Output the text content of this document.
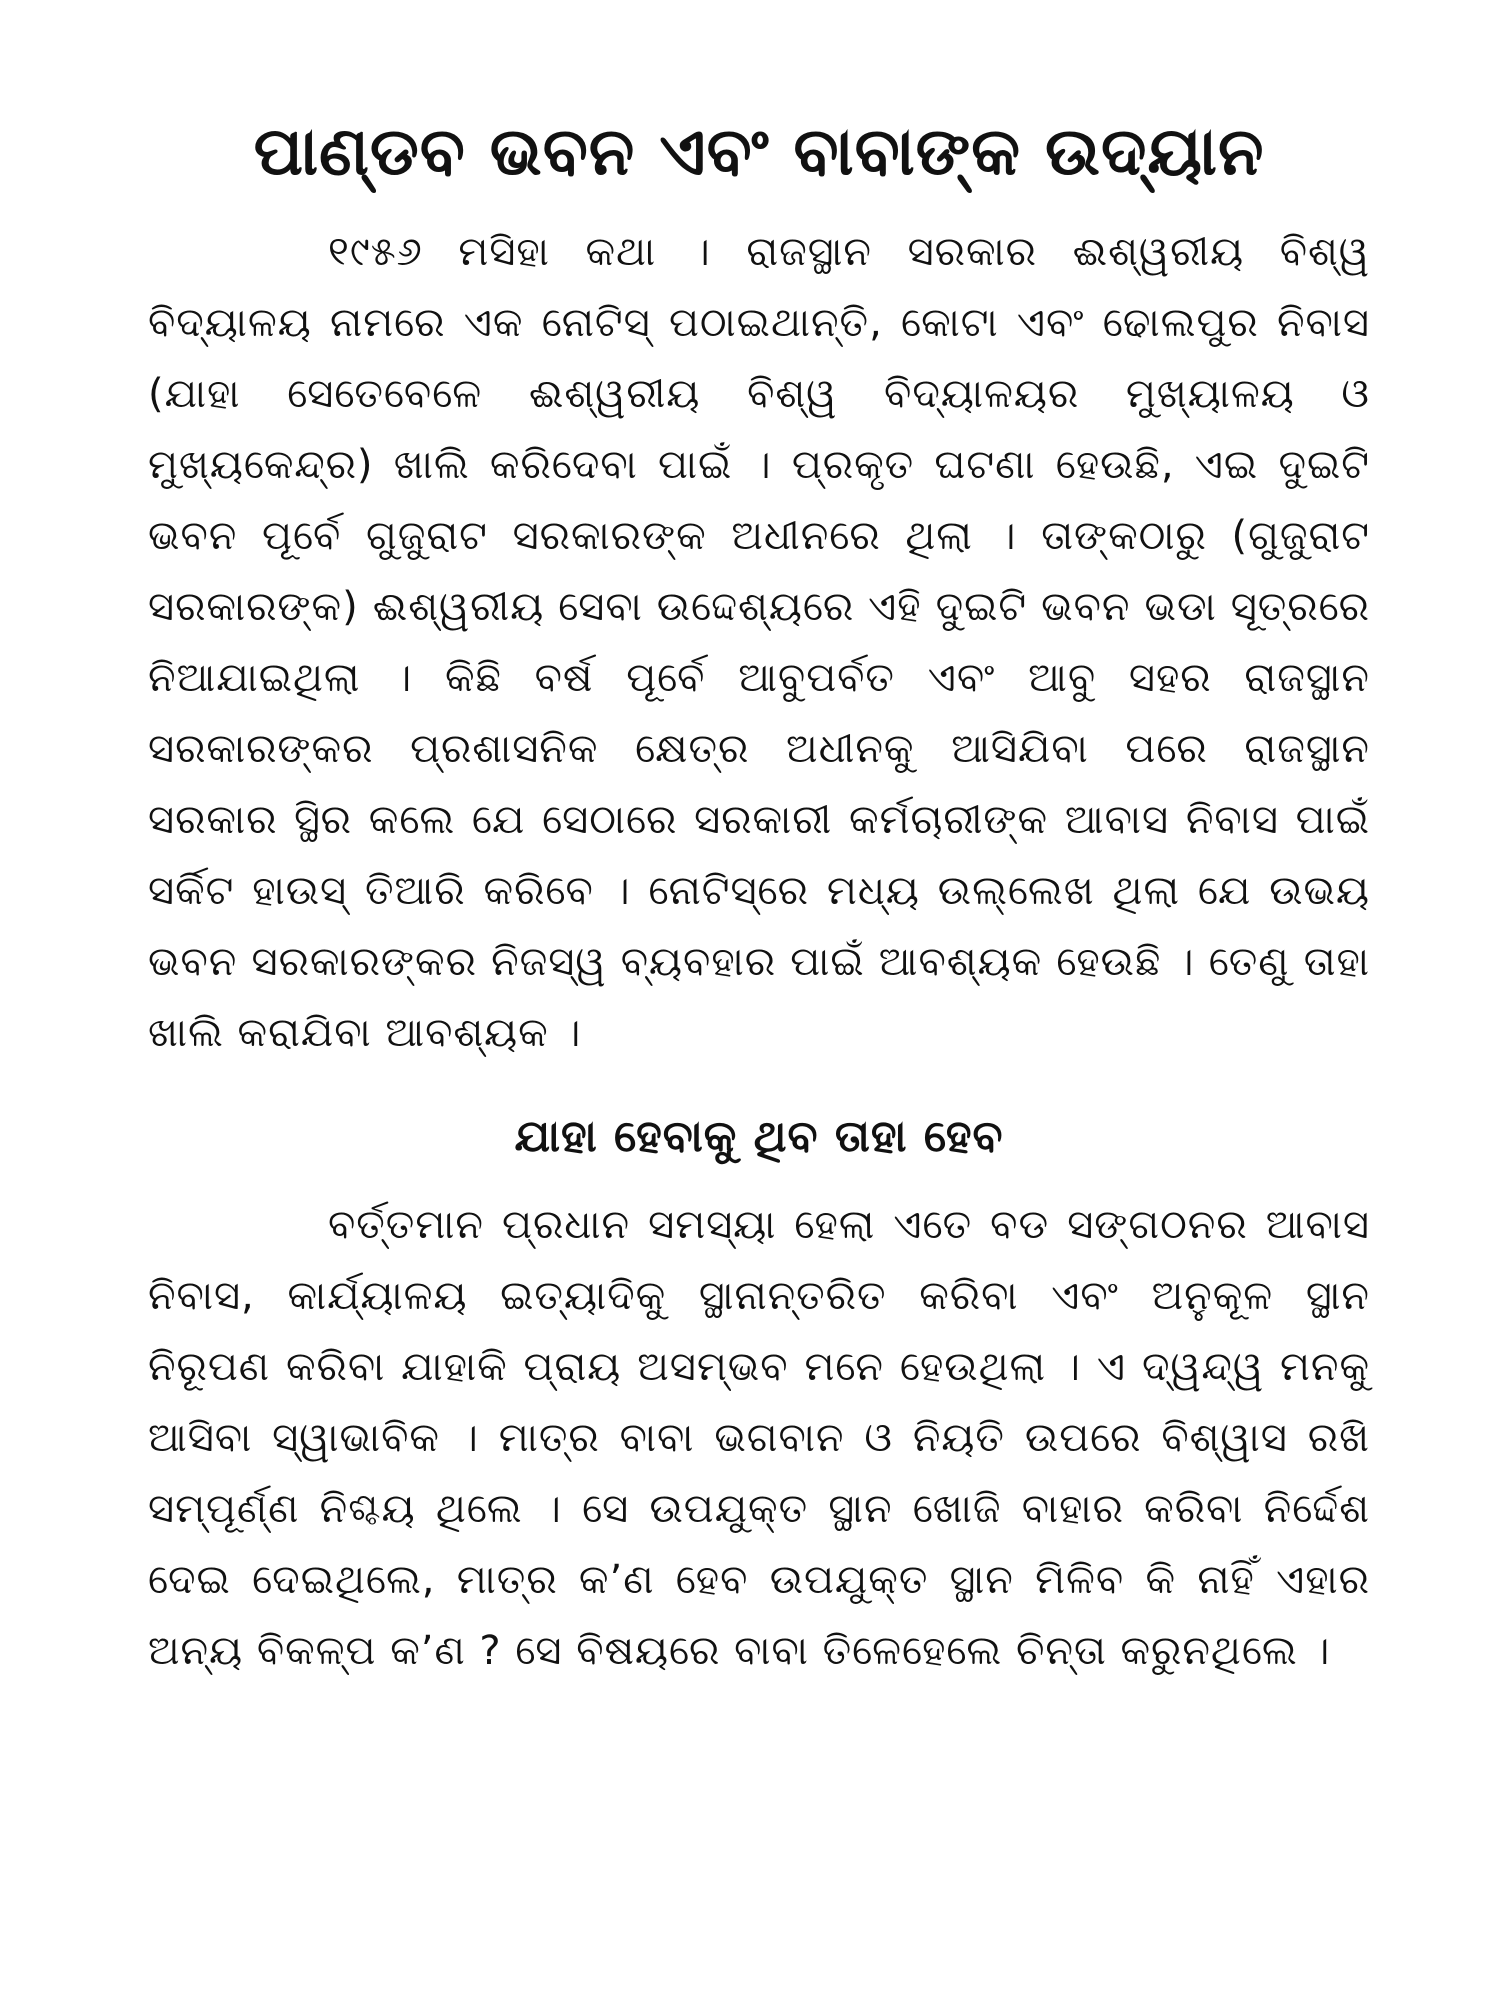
ପାଣ୍ଡବ ଭବନ ଏବଂ ବାବାଙ୍କ ଉଦ୍ୟାନ

୧୯୫୬ ମସିହା କଥା । ରାଜସ୍ଥାନ ସରକାର ଈଶ୍ୱରୀୟ ବିଶ୍ୱ ବିଦ୍ୟାଳୟ ନାମରେ ଏକ ନୋଟିସ୍ ପଠାଇଥାନ୍ତି, କୋଟା ଏବଂ ଢୋଲପୁର ନିବାସ (ଯାହା ସେତେବେଳେ ଈଶ୍ୱରୀୟ ବିଶ୍ୱ ବିଦ୍ୟାଳୟର ମୁଖ୍ୟାଳୟ ଓ ମୁଖ୍ୟକେନ୍ଦ୍ର) ଖାଲି କରିଦେବା ପାଇଁ । ପ୍ରକୃତ ଘଟଣା ହେଉଛି, ଏଇ ଦୁଇଟି ଭବନ ପୂର୍ବେ ଗୁଜୁରାଟ ସରକାରଙ୍କ ଅଧୀନରେ ଥିଲା । ତାଙ୍କଠାରୁ (ଗୁଜୁରାଟ ସରକାରଙ୍କ) ଈଶ୍ୱରୀୟ ସେବା ଉଦ୍ଦେଶ୍ୟରେ ଏହି ଦୁଇଟି ଭବନ ଭଡା ସୂତ୍ରରେ ନିଆଯାଇଥିଲା । କିଛି ବର୍ଷ ପୂର୍ବେ ଆବୁପର୍ବତ ଏବଂ ଆବୁ ସହର ରାଜସ୍ଥାନ ସରକାରଙ୍କର ପ୍ରଶାସନିକ କ୍ଷେତ୍ର ଅଧୀନକୁ ଆସିଯିବା ପରେ ରାଜସ୍ଥାନ ସରକାର ସ୍ଥିର କଲେ ଯେ ସେଠାରେ ସରକାରୀ କର୍ମଚାରୀଙ୍କ ଆବାସ ନିବାସ ପାଇଁ ସର୍କିଟ ହାଉସ୍ ତିଆରି କରିବେ । ନୋଟିସ୍‌ରେ ମଧ୍ୟ ଉଲ୍ଲେଖ ଥିଲା ଯେ ଉଭୟ ଭବନ ସରକାରଙ୍କର ନିଜସ୍ୱ ବ୍ୟବହାର ପାଇଁ ଆବଶ୍ୟକ ହେଉଛି । ତେଣୁ ତାହା ଖାଲି କରାଯିବା ଆବଶ୍ୟକ ।

ଯାହା ହେବାକୁ ଥିବ ତାହା ହେବ

ବର୍ତ୍ତମାନ ପ୍ରଧାନ ସମସ୍ୟା ହେଲା ଏତେ ବଡ ସଙ୍ଗଠନର ଆବାସ ନିବାସ, କାର୍ଯ୍ୟାଳୟ ଇତ୍ୟାଦିକୁ ସ୍ଥାନାନ୍ତରିତ କରିବା ଏବଂ ଅନୁକୂଳ ସ୍ଥାନ ନିରୂପଣ କରିବା ଯାହାକି ପ୍ରାୟ ଅସମ୍ଭବ ମନେ ହେଉଥିଲା । ଏ ଦ୍ୱନ୍ଦ୍ୱ ମନକୁ ଆସିବା ସ୍ୱାଭାବିକ । ମାତ୍ର ବାବା ଭଗବାନ ଓ ନିୟତି ଉପରେ ବିଶ୍ୱାସ ରଖି ସମ୍ପୂର୍ଣ୍ଣ ନିଶ୍ଚୟ ଥିଲେ । ସେ ଉପଯୁକ୍ତ ସ୍ଥାନ ଖୋଜି ବାହାର କରିବା ନିର୍ଦ୍ଦେଶ ଦେଇ ଦେଇଥିଲେ, ମାତ୍ର କ’ଣ ହେବ ଉପଯୁକ୍ତ ସ୍ଥାନ ମିଳିବ କି ନାହିଁ ଏହାର ଅନ୍ୟ ବିକଳ୍ପ କ’ଣ ? ସେ ବିଷୟରେ ବାବା ତିଳେହେଲେ ଚିନ୍ତା କରୁନଥିଲେ ।
